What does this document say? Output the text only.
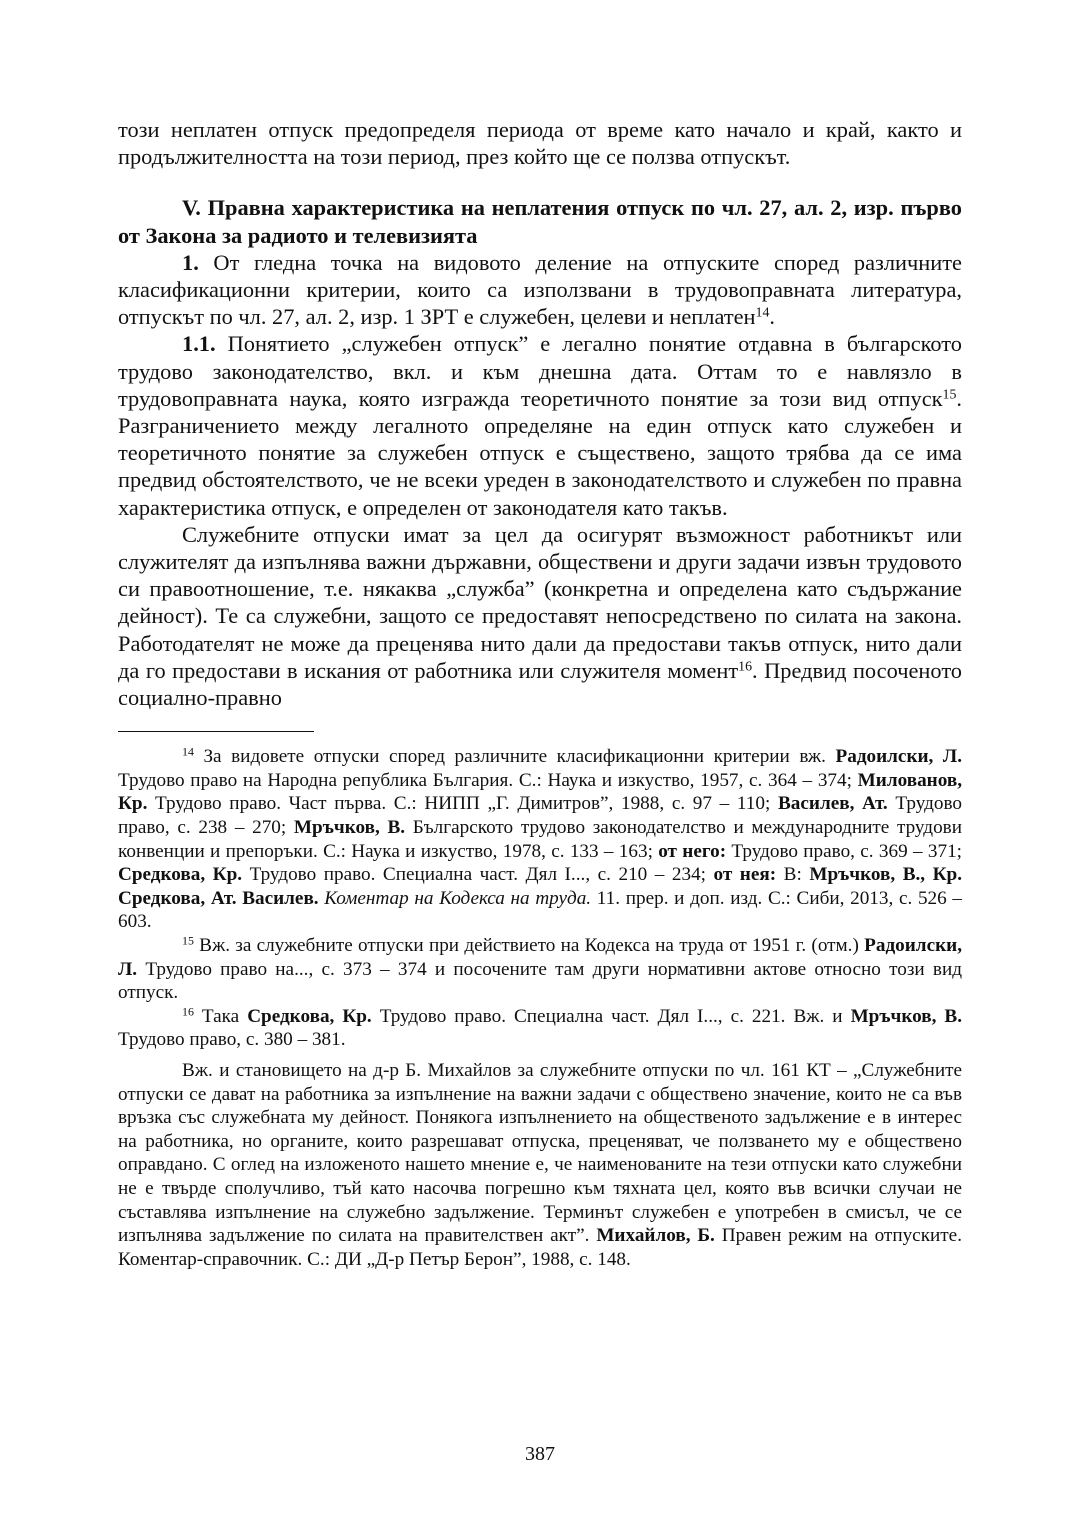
този неплатен отпуск предопределя периода от време като начало и край, както и продължителността на този период, през който ще се ползва отпускът.

V. Правна характеристика на неплатения отпуск по чл. 27, ал. 2, изр. първо от Закона за радиото и телевизията

1. От гледна точка на видовото деление на отпуските според различните класификационни критерии, които са използвани в трудовоправната литература, отпускът по чл. 27, ал. 2, изр. 1 ЗРТ е служебен, целеви и неплатен$^{14}$.

1.1. Понятието „служебен отпуск” е легално понятие отдавна в българското трудово законодателство, вкл. и към днешна дата. Оттам то е навлязло в трудовоправната наука, която изгражда теоретичното понятие за този вид отпуск$^{15}$. Разграничението между легалното определяне на един отпуск като служебен и теоретичното понятие за служебен отпуск е съществено, защото трябва да се има предвид обстоятелството, че не всеки уреден в законодателството и служебен по правна характеристика отпуск, е определен от законодателя като такъв.

Служебните отпуски имат за цел да осигурят възможност работникът или служителят да изпълнява важни държавни, обществени и други задачи извън трудовото си правоотношение, т.е. някаква „служба” (конкретна и определена като съдържание дейност). Те са служебни, защото се предоставят непосредствено по силата на закона. Работодателят не може да преценява нито дали да предостави такъв отпуск, нито дали да го предостави в искания от работника или служителя момент$^{16}$. Предвид посоченото социално-правно

$^{14}$ За видовете отпуски според различните класификационни критерии вж. Радоилски, Л. Трудово право на Народна република България. С.: Наука и изкуство, 1957, с. 364 – 374; Милованов, Кр. Трудово право. Част първа. С.: НИПП „Г. Димитров”, 1988, с. 97 – 110; Василев, Ат. Трудово право, с. 238 – 270; Мръчков, В. Българското трудово законодателство и международните трудови конвенции и препоръки. С.: Наука и изкуство, 1978, с. 133 – 163; от него: Трудово право, с. 369 – 371; Средкова, Кр. Трудово право. Специална част. Дял I..., с. 210 – 234; от нея: В: Мръчков, В., Кр. Средкова, Ат. Василев. Коментар на Кодекса на труда. 11. прер. и доп. изд. С.: Сиби, 2013, с. 526 – 603.

$^{15}$ Вж. за служебните отпуски при действието на Кодекса на труда от 1951 г. (отм.) Радоилски, Л. Трудово право на..., с. 373 – 374 и посочените там други нормативни актове относно този вид отпуск.

$^{16}$ Така Средкова, Кр. Трудово право. Специална част. Дял I..., с. 221. Вж. и Мръчков, В. Трудово право, с. 380 – 381.

Вж. и становището на д-р Б. Михайлов за служебните отпуски по чл. 161 КТ – „Служебните отпуски се дават на работника за изпълнение на важни задачи с обществено значение, които не са във връзка със служебната му дейност. Понякога изпълнението на общественото задължение е в интерес на работника, но органите, които разрешават отпуска, преценяват, че ползването му е обществено оправдано. С оглед на изложеното нашето мнение е, че наименованите на тези отпуски като служебни не е твърде сполучливо, тъй като насочва погрешно към тяхната цел, която във всички случаи не съставлява изпълнение на служебно задължение. Терминът служебен е употребен в смисъл, че се изпълнява задължение по силата на правителствен акт”. Михайлов, Б. Правен режим на отпуските. Коментар-справочник. С.: ДИ „Д-р Петър Берон”, 1988, с. 148.

387
